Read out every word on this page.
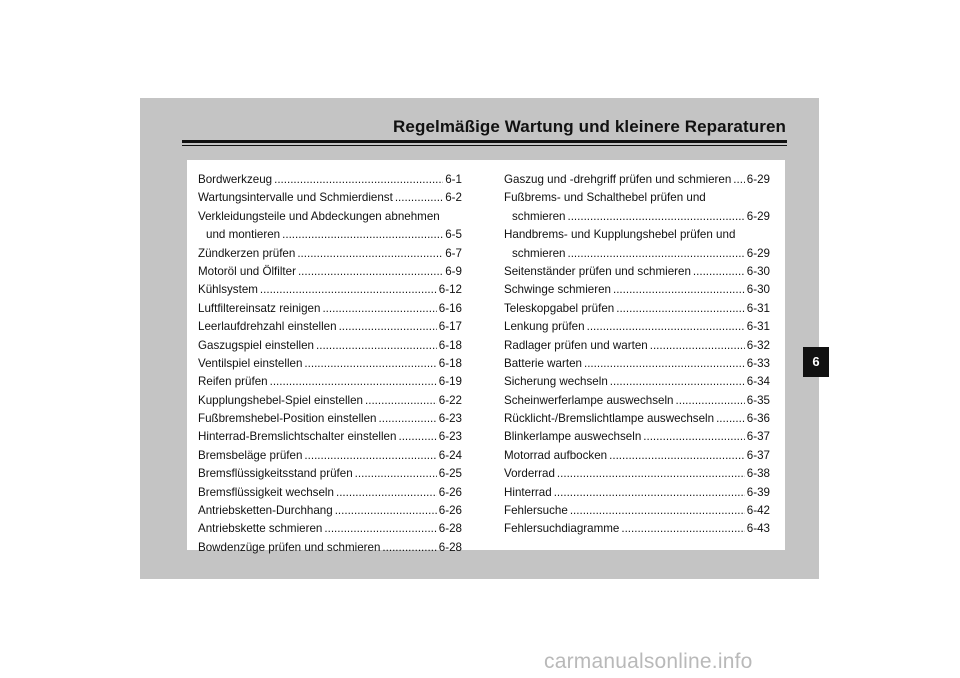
Regelmäßige Wartung und kleinere Reparaturen
Bordwerkzeug .....	6-1
Wartungsintervalle und Schmierdienst .....	6-2
Verkleidungsteile und Abdeckungen abnehmen
und montieren .....	6-5
Zündkerzen prüfen .....	6-7
Motoröl und Ölfilter .....	6-9
Kühlsystem .....	6-12
Luftfiltereinsatz reinigen .....	6-16
Leerlaufdrehzahl einstellen .....	6-17
Gaszugspiel einstellen .....	6-18
Ventilspiel einstellen .....	6-18
Reifen prüfen .....	6-19
Kupplungshebel-Spiel einstellen .....	6-22
Fußbremshebel-Position einstellen .....	6-23
Hinterrad-Bremslichtschalter einstellen .....	6-23
Bremsbeläge prüfen .....	6-24
Bremsflüssigkeitsstand prüfen .....	6-25
Bremsflüssigkeit wechseln .....	6-26
Antriebsketten-Durchhang .....	6-26
Antriebskette schmieren .....	6-28
Bowdenzüge prüfen und schmieren .....	6-28
Gaszug und -drehgriff prüfen und schmieren ..... 6-29
Fußbrems- und Schalthebel prüfen und
schmieren .....	6-29
Handbrems- und Kupplungshebel prüfen und
schmieren .....	6-29
Seitenständer prüfen und schmieren .....	6-30
Schwinge schmieren .....	6-30
Teleskopgabel prüfen .....	6-31
Lenkung prüfen .....	6-31
Radlager prüfen und warten .....	6-32
Batterie warten .....	6-33
Sicherung wechseln .....	6-34
Scheinwerferlampe auswechseln .....	6-35
Rücklicht-/Bremslichtlampe auswechseln .....	6-36
Blinkerlampe auswechseln .....	6-37
Motorrad aufbocken .....	6-37
Vorderrad .....	6-38
Hinterrad .....	6-39
Fehlersuche .....	6-42
Fehlersuchdiagramme .....	6-43
6
carmanualsonline.info
